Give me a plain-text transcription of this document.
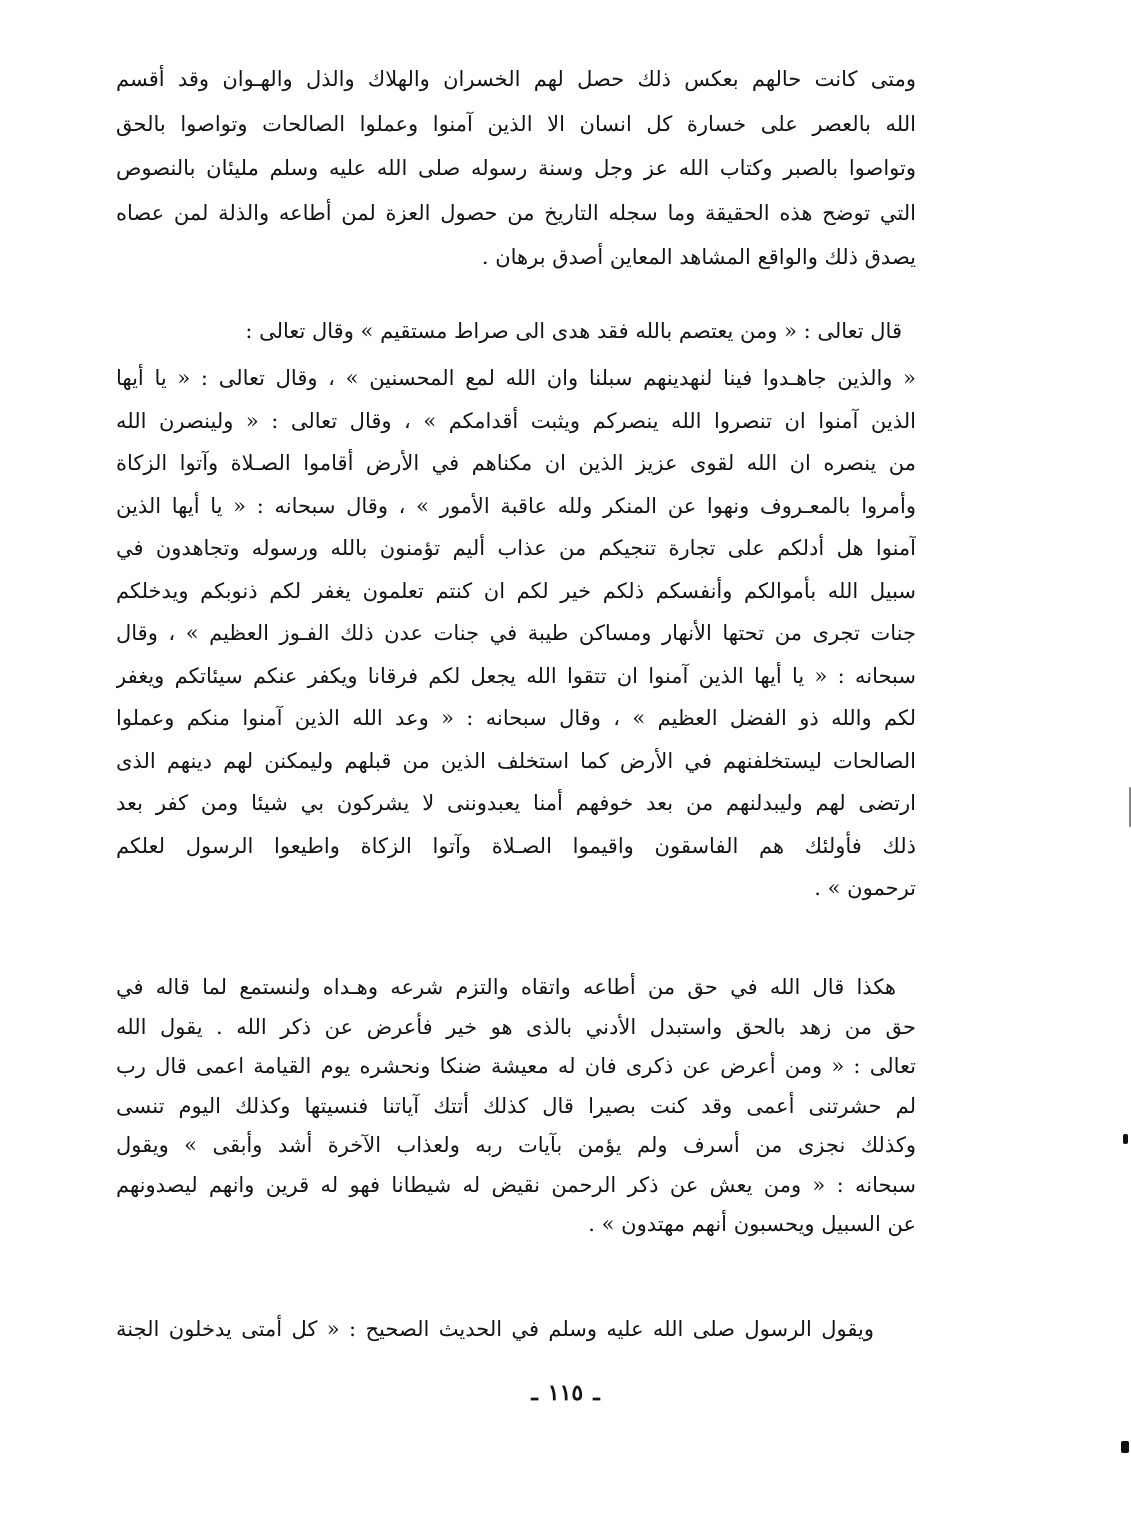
ومتى كانت حالهم بعكس ذلك حصل لهم الخسران والهلاك والذل والهـوان وقد أقسم
الله بالعصر على خسارة كل انسان الا الذين آمنوا وعملوا الصالحات وتواصوا بالحق
وتواصوا بالصبر وكتاب الله عز وجل وسنة رسوله صلى الله عليه وسلم مليئان بالنصوص
التي توضح هذه الحقيقة وما سجله التاريخ من حصول العزة لمن أطاعه والذلة لمن عصاه
يصدق ذلك والواقع المشاهد المعاين أصدق برهان .
قال تعالى : « ومن يعتصم بالله فقد هدى الى صراط مستقيم » وقال تعالى :
« والذين جاهـدوا فينا لنهدينهم سبلنا وان الله لمع المحسنين » ، وقال تعالى : « يا أيها
الذين آمنوا ان تنصروا الله ينصركم ويثبت أقدامكم » ، وقال تعالى : « ولينصرن الله
من ينصره ان الله لقوى عزيز الذين ان مكناهم في الأرض أقاموا الصـلاة وآتوا الزكاة
وأمروا بالمعـروف ونهوا عن المنكر ولله عاقبة الأمور » ، وقال سبحانه : « يا أيها الذين
آمنوا هل أدلكم على تجارة تنجيكم من عذاب أليم تؤمنون بالله ورسوله وتجاهدون في
سبيل الله بأموالكم وأنفسكم ذلكم خير لكم ان كنتم تعلمون يغفر لكم ذنوبكم ويدخلكم
جنات تجرى من تحتها الأنهار ومساكن طيبة في جنات عدن ذلك الفـوز العظيم » ، وقال
سبحانه : « يا أيها الذين آمنوا ان تتقوا الله يجعل لكم فرقانا ويكفر عنكم سيئاتكم ويغفر
لكم والله ذو الفضل العظيم » ، وقال سبحانه : « وعد الله الذين آمنوا منكم وعملوا
الصالحات ليستخلفنهم في الأرض كما استخلف الذين من قبلهم وليمكنن لهم دينهم الذى
ارتضى لهم وليبدلنهم من بعد خوفهم أمنا يعبدوننى لا يشركون بي شيئا ومن كفر بعد
ذلك فأولئك هم الفاسقون واقيموا الصـلاة وآتوا الزكاة واطيعوا الرسول لعلكم
ترحمون » .
هكذا قال الله في حق من أطاعه واتقاه والتزم شرعه وهـداه ولنستمع لما قاله في
حق من زهد بالحق واستبدل الأدني بالذى هو خير فأعرض عن ذكر الله . يقول الله
تعالى : « ومن أعرض عن ذكرى فان له معيشة ضنكا ونحشره يوم القيامة اعمى قال رب
لم حشرتنى أعمى وقد كنت بصيرا قال كذلك أتتك آياتنا فنسيتها وكذلك اليوم تنسى
وكذلك نجزى من أسرف ولم يؤمن بآيات ربه ولعذاب الآخرة أشد وأبقى » ويقول
سبحانه : « ومن يعش عن ذكر الرحمن نقيض له شيطانا فهو له قرين وانهم ليصدونهم
عن السبيل ويحسبون أنهم مهتدون » .
ويقول الرسول صلى الله عليه وسلم في الحديث الصحيح : « كل أمتى يدخلون الجنة
ـ١١٥ـ
